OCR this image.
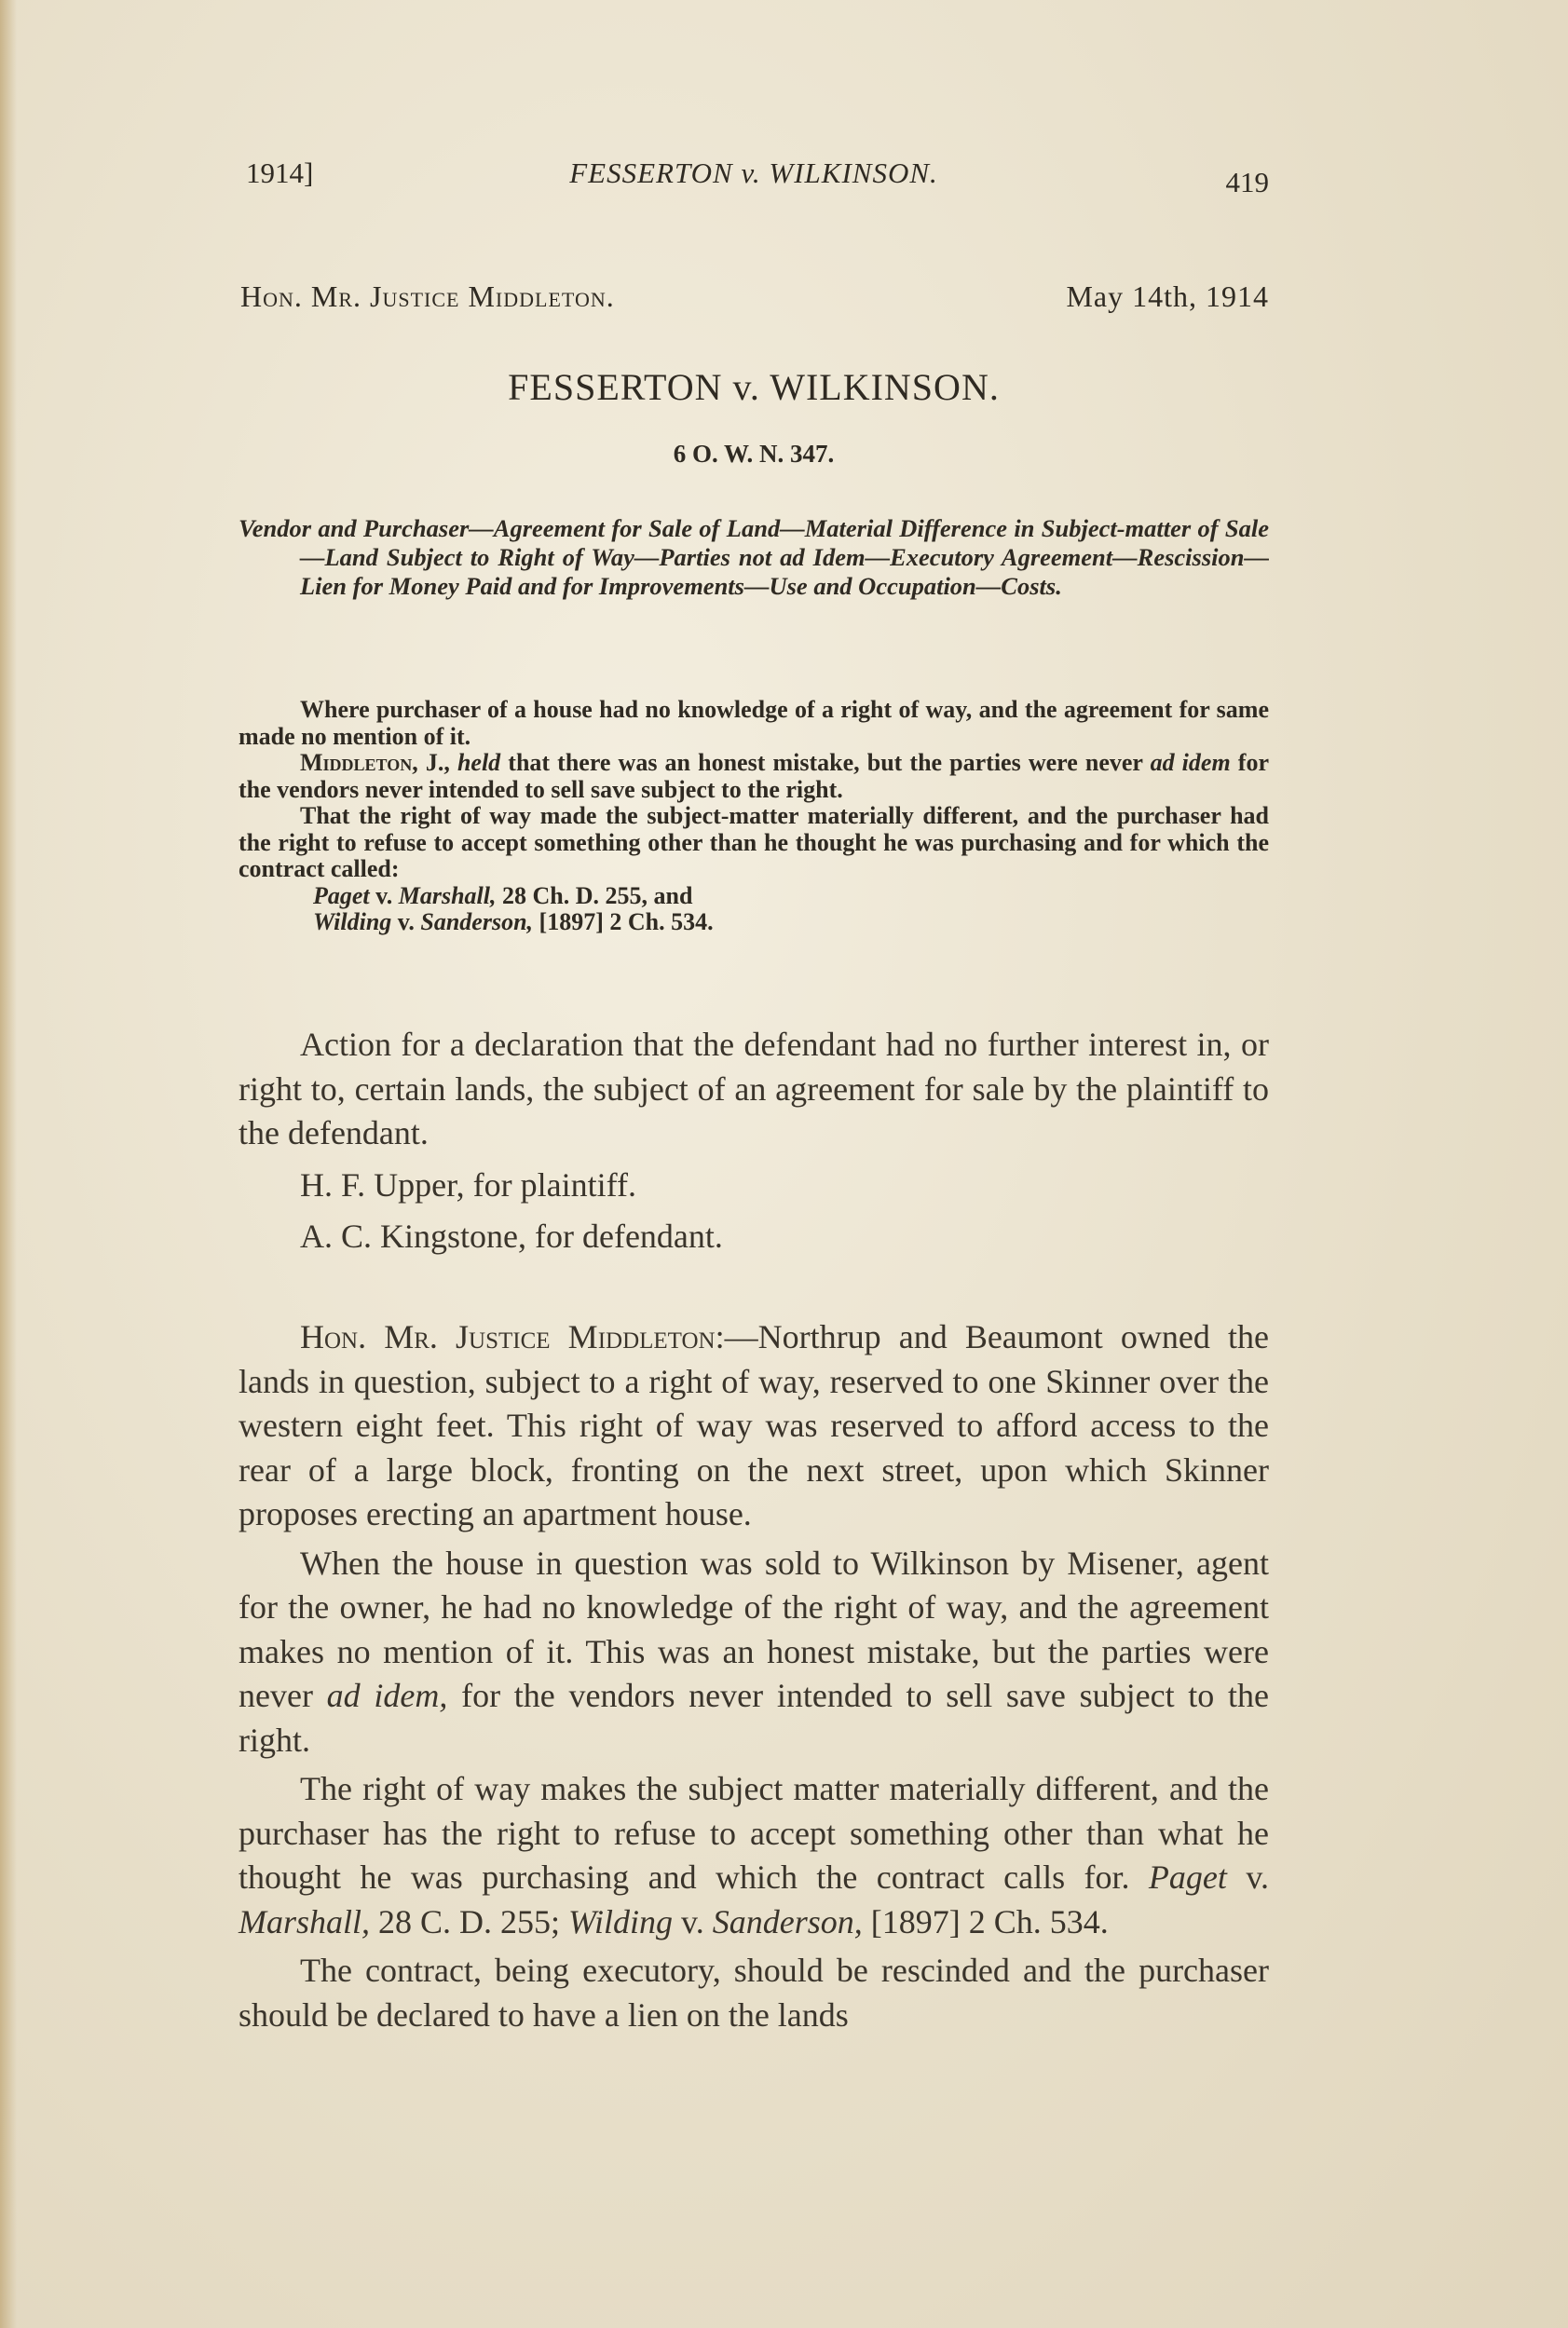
1914]	FESSERTON v. WILKINSON.	419
Hon. Mr. Justice Middleton.	May 14th, 1914
FESSERTON v. WILKINSON.
6 O. W. N. 347.
Vendor and Purchaser—Agreement for Sale of Land—Material Difference in Subject-matter of Sale—Land Subject to Right of Way—Parties not ad Idem—Executory Agreement—Rescission—Lien for Money Paid and for Improvements—Use and Occupation—Costs.

Where purchaser of a house had no knowledge of a right of way, and the agreement for same made no mention of it.

Middleton, J., held that there was an honest mistake, but the parties were never ad idem for the vendors never intended to sell save subject to the right.

That the right of way made the subject-matter materially different, and the purchaser had the right to refuse to accept something other than he thought he was purchasing and for which the contract called:

Paget v. Marshall, 28 Ch. D. 255, and
Wilding v. Sanderson, [1897] 2 Ch. 534.

Action for a declaration that the defendant had no further interest in, or right to, certain lands, the subject of an agreement for sale by the plaintiff to the defendant.

H. F. Upper, for plaintiff.
A. C. Kingstone, for defendant.

Hon. Mr. Justice Middleton:—Northrup and Beaumont owned the lands in question, subject to a right of way, reserved to one Skinner over the western eight feet. This right of way was reserved to afford access to the rear of a large block, fronting on the next street, upon which Skinner proposes erecting an apartment house.

When the house in question was sold to Wilkinson by Misener, agent for the owner, he had no knowledge of the right of way, and the agreement makes no mention of it. This was an honest mistake, but the parties were never ad idem, for the vendors never intended to sell save subject to the right.

The right of way makes the subject matter materially different, and the purchaser has the right to refuse to accept something other than what he thought he was purchasing and which the contract calls for. Paget v. Marshall, 28 C. D. 255; Wilding v. Sanderson, [1897] 2 Ch. 534.

The contract, being executory, should be rescinded and the purchaser should be declared to have a lien on the lands
